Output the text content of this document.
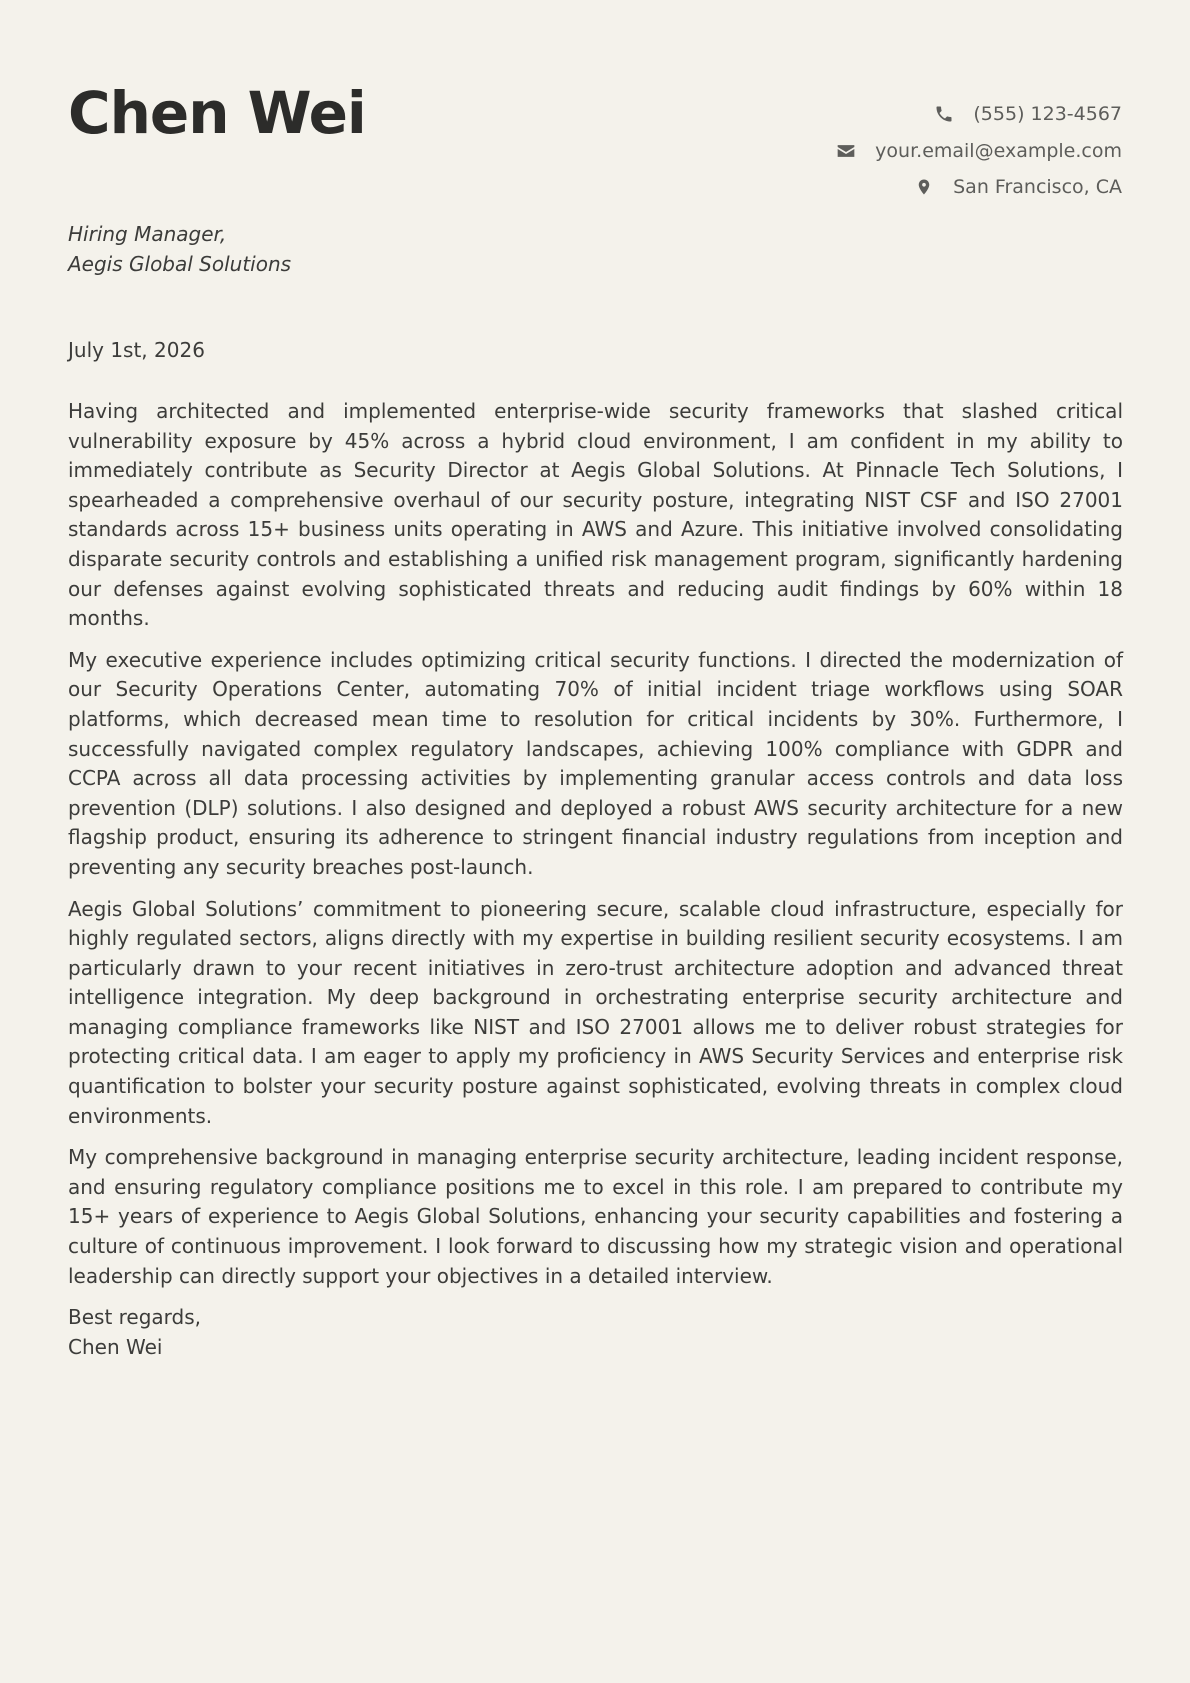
Chen Wei	(555) 123-4567
your.email@example.com
San Francisco, CA
Hiring Manager,
Aegis Global Solutions
July 1st, 2026

Having architected and implemented enterprise-wide security frameworks that slashed critical vulnerability exposure by 45% across a hybrid cloud environment, I am confident in my ability to immediately contribute as Security Director at Aegis Global Solutions. At Pinnacle Tech Solutions, I spearheaded a comprehensive overhaul of our security posture, integrating NIST CSF and ISO 27001 standards across 15+ business units operating in AWS and Azure. This initiative involved consolidating disparate security controls and establishing a unified risk management program, significantly hardening our defenses against evolving sophisticated threats and reducing audit findings by 60% within 18 months.

My executive experience includes optimizing critical security functions. I directed the modernization of our Security Operations Center, automating 70% of initial incident triage workflows using SOAR platforms, which decreased mean time to resolution for critical incidents by 30%. Furthermore, I successfully navigated complex regulatory landscapes, achieving 100% compliance with GDPR and CCPA across all data processing activities by implementing granular access controls and data loss prevention (DLP) solutions. I also designed and deployed a robust AWS security architecture for a new flagship product, ensuring its adherence to stringent financial industry regulations from inception and preventing any security breaches post-launch.

Aegis Global Solutions’ commitment to pioneering secure, scalable cloud infrastructure, especially for highly regulated sectors, aligns directly with my expertise in building resilient security ecosystems. I am particularly drawn to your recent initiatives in zero-trust architecture adoption and advanced threat intelligence integration. My deep background in orchestrating enterprise security architecture and managing compliance frameworks like NIST and ISO 27001 allows me to deliver robust strategies for protecting critical data. I am eager to apply my proficiency in AWS Security Services and enterprise risk quantification to bolster your security posture against sophisticated, evolving threats in complex cloud environments.

My comprehensive background in managing enterprise security architecture, leading incident response, and ensuring regulatory compliance positions me to excel in this role. I am prepared to contribute my 15+ years of experience to Aegis Global Solutions, enhancing your security capabilities and fostering a culture of continuous improvement. I look forward to discussing how my strategic vision and operational leadership can directly support your objectives in a detailed interview.

Best regards,
Chen Wei
